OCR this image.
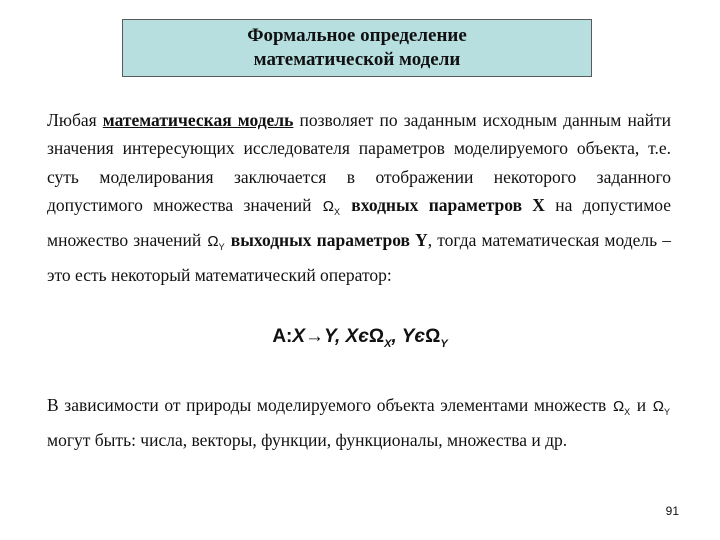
Формальное определение
математической модели

Любая математическая модель позволяет по заданным исходным данным найти значения интересующих исследователя параметров моделируемого объекта, т.е. суть моделирования заключается в отображении некоторого заданного допустимого множества значений $\Omega_X$ входных параметров X на допустимое множество значений $\Omega_Y$ выходных параметров Y, тогда математическая модель – это есть некоторый математический оператор:

A:X→Y, XєΩ$_X$, YєΩ$_Y$

В зависимости от природы моделируемого объекта элементами множеств $\Omega_X$ и $\Omega_Y$ могут быть: числа, векторы, функции, функционалы, множества и др.

91
